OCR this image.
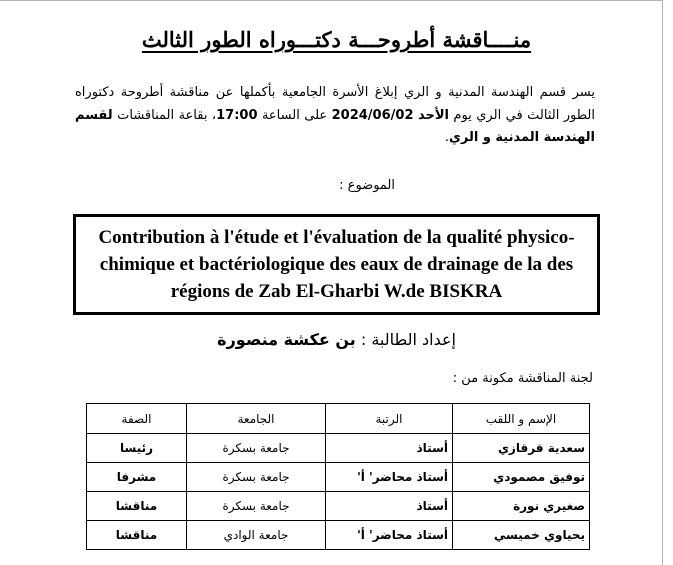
منــــاقشة أطروحـــة دكتـــوراه الطور الثالث
يسر قسم الهندسة المدنية و الري إبلاغ الأسرة الجامعية بأكملها عن مناقشة أطروحة دكتوراه الطور الثالث في الري يوم الأحد 2024/06/02 على الساعة 17:00، بقاعة المناقشات لقسم الهندسة المدنية و الري.
الموضوع :
Contribution à l'étude et l'évaluation de la qualité physico-chimique et bactériologique des eaux de drainage de la des régions de Zab El-Gharbi W.de BISKRA
إعداد الطالبة : بن عكشة منصورة
لجنة المناقشة مكونة من :
الإسم و اللقب	الرتبة	الجامعة	الصفة
سعدية قرقازي	أستاذ	جامعة بسكرة	رئيسا
توفيق مصمودي	أستاذ محاضر' أ'	جامعة بسكرة	مشرفا
صغيري نورة	أستاذ	جامعة بسكرة	مناقشا
يحياوي خميسي	أستاذ محاضر' أ'	جامعة الوادي	مناقشا
